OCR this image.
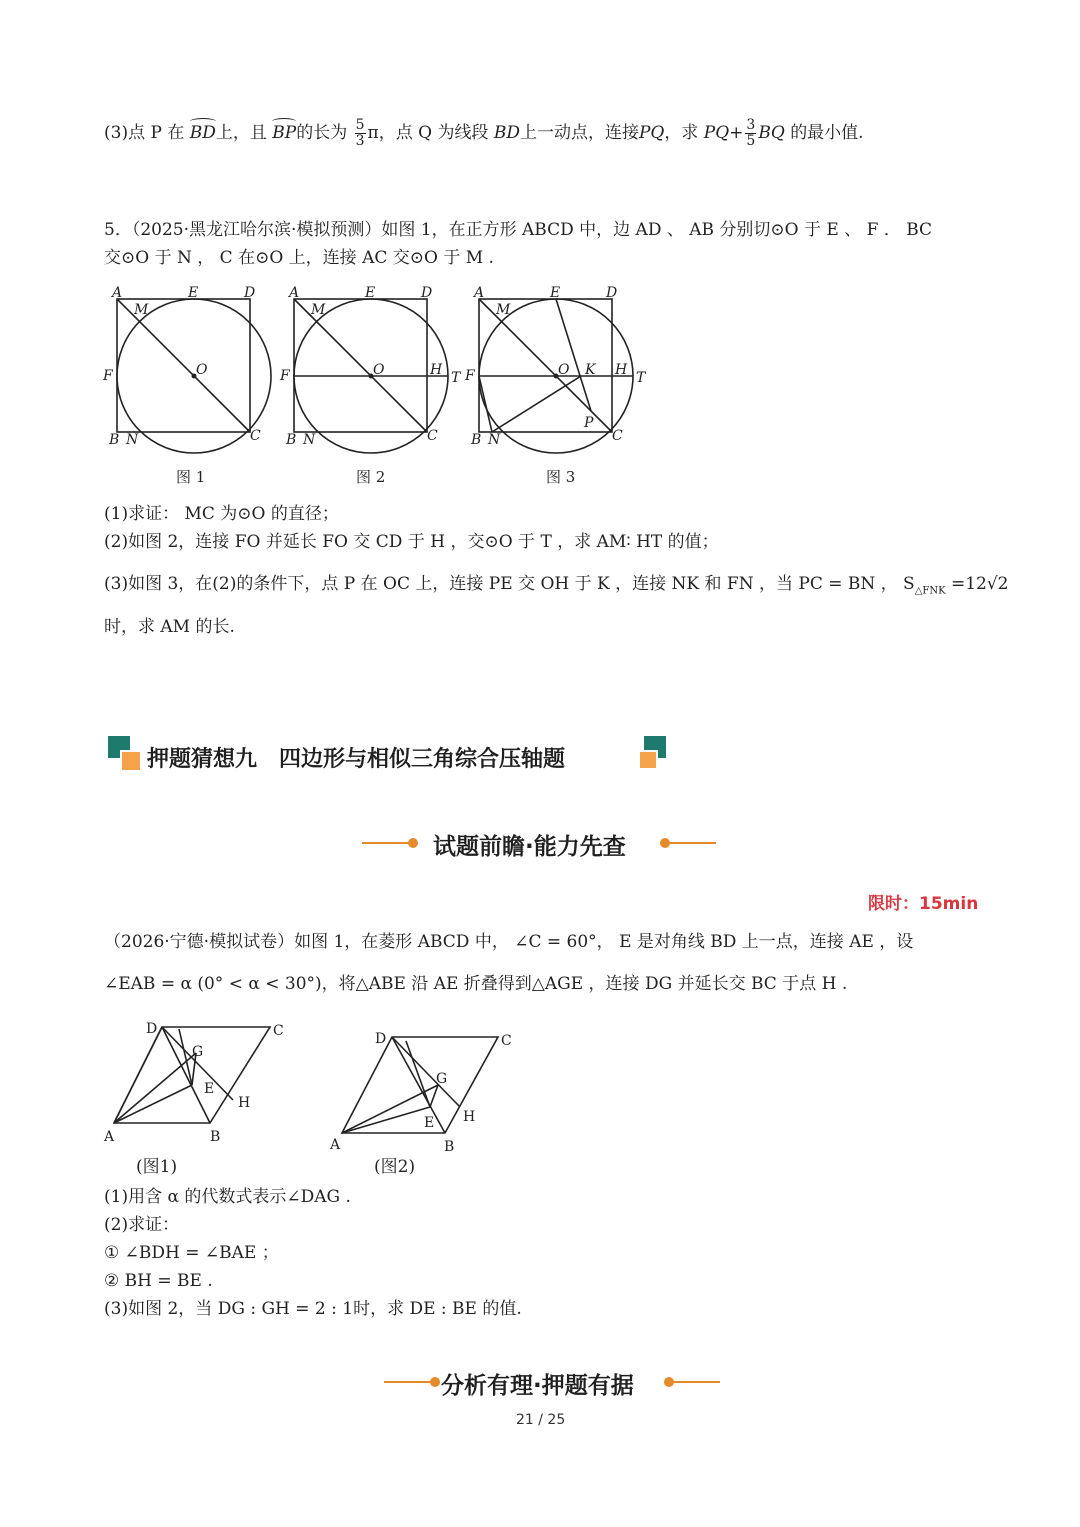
(3)点 P 在 BD上，且 BP的长为 $\frac{5}{3}$ π，点 Q 为线段 BD上一动点，连接PQ，求 $PQ+ \frac{3}{5}$ BQ 的最小值.
5．（2025·黑龙江哈尔滨·模拟预测）如图 1，在正方形 ABCD 中，边 AD 、 AB 分别切⊙O 于 E 、 F ． BC
交⊙O 于 N ， C 在⊙O 上，连接 AC 交⊙O 于 M .
A	E	D
M
O
F
B N	C
A	E	D
M
O	H T
F
B N	C
A	E	D
M
O K H T
F
P
B N	C
图 1	图 2	图 3
(1)求证： MC 为⊙O 的直径；
(2)如图 2，连接 FO 并延长 FO 交 CD 于 H ，交⊙O 于 T ，求 AM∶ HT 的值；
(3)如图 3，在(2)的条件下，点 P 在 OC 上，连接 PE 交 OH 于 K ，连接 NK 和 FN ，当 PC = BN ， $S_{\triangle FNK} =12√2$
时，求 AM 的长.
押题猜想九　四边形与相似三角综合压轴题
试题前瞻·能力先查
限时：15min
（2026·宁德·模拟试卷）如图 1，在菱形 ABCD 中， ∠C = 60°， E 是对角线 BD 上一点，连接 AE ，设
∠EAB = α (0° < α < 30°)，将△ABE 沿 AE 折叠得到△AGE ，连接 DG 并延长交 BC 于点 H .
D	C
G
E
H
A	B
D	C
G
E H
A	B
(图1)	(图2)
(1)用含 α 的代数式表示∠DAG .
(2)求证：
① ∠BDH = ∠BAE ；
② BH = BE .
(3)如图 2，当 DG : GH = 2 : 1时，求 DE : BE 的值.
分析有理·押题有据
21 / 25
